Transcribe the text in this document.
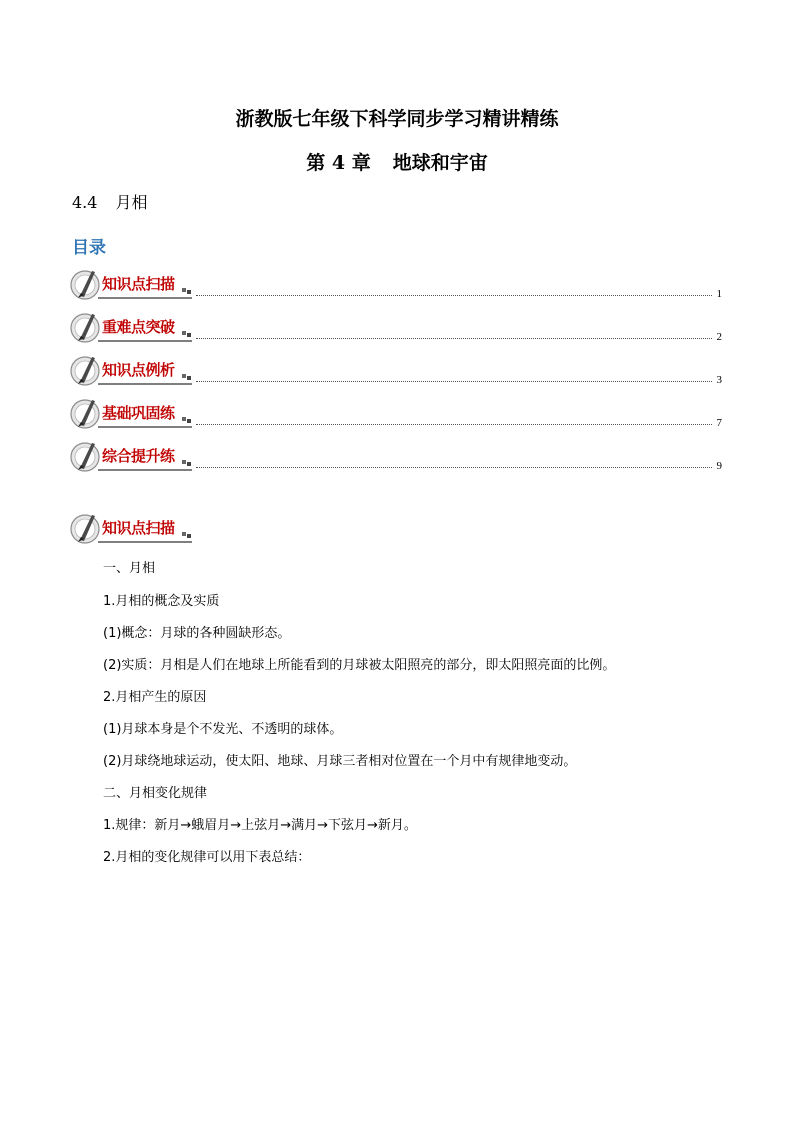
浙教版七年级下科学同步学习精讲精练
第 4 章 地球和宇宙
4.4 月相
目录
知识点扫描
1
重难点突破
2
知识点例析
3
基础巩固练
7
综合提升练
9
知识点扫描
一、月相
1.月相的概念及实质
(1)概念：月球的各种圆缺形态。
(2)实质：月相是人们在地球上所能看到的月球被太阳照亮的部分，即太阳照亮面的比例。
2.月相产生的原因
(1)月球本身是个不发光、不透明的球体。
(2)月球绕地球运动，使太阳、地球、月球三者相对位置在一个月中有规律地变动。
二、月相变化规律
1.规律：新月→蛾眉月→上弦月→满月→下弦月→新月。
2.月相的变化规律可以用下表总结：
